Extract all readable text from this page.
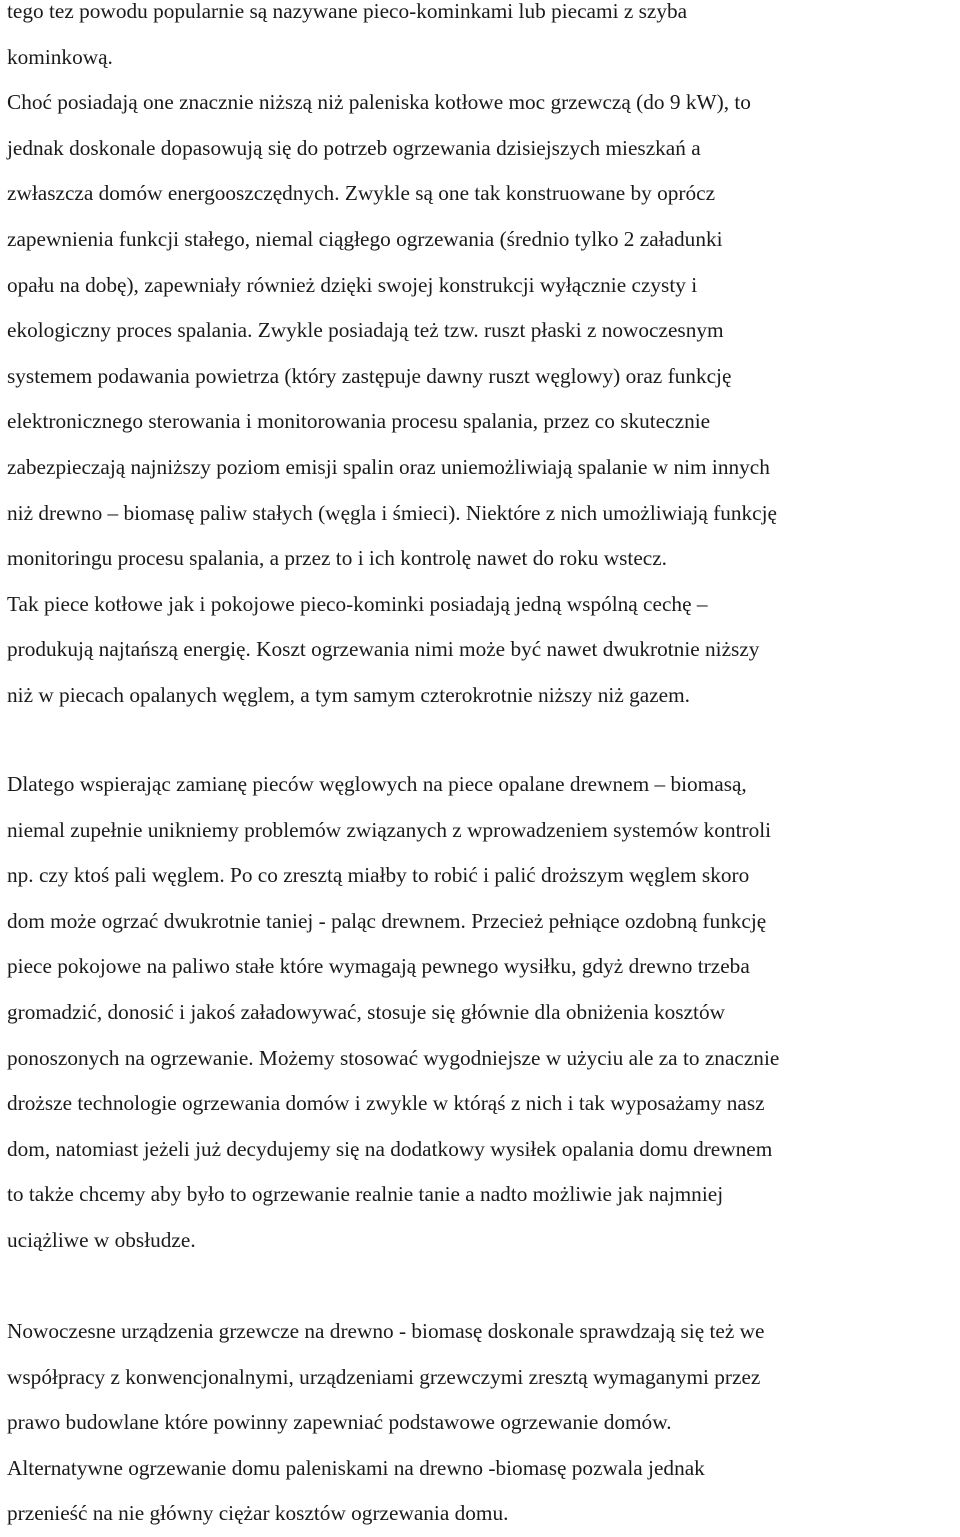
tego tez powodu popularnie są nazywane pieco-kominkami lub piecami z szyba

kominkową.

Choć posiadają one znacznie niższą niż paleniska kotłowe moc grzewczą (do 9 kW), to

jednak doskonale dopasowują się do potrzeb ogrzewania dzisiejszych mieszkań a

zwłaszcza domów energooszczędnych. Zwykle są one tak konstruowane by oprócz

zapewnienia funkcji stałego, niemal ciągłego ogrzewania (średnio tylko 2 załadunki

opału na dobę), zapewniały również dzięki swojej konstrukcji wyłącznie czysty i

ekologiczny proces spalania. Zwykle posiadają też tzw. ruszt płaski z nowoczesnym

systemem podawania powietrza (który zastępuje dawny ruszt węglowy) oraz funkcję

elektronicznego sterowania i monitorowania procesu spalania, przez co skutecznie

zabezpieczają najniższy poziom emisji spalin oraz uniemożliwiają spalanie w nim innych

niż drewno – biomasę paliw stałych (węgla i śmieci). Niektóre z nich umożliwiają funkcję

monitoringu procesu spalania, a przez to i ich kontrolę nawet do roku wstecz.

Tak piece kotłowe jak i pokojowe pieco-kominki posiadają jedną wspólną cechę –

produkują najtańszą energię. Koszt ogrzewania nimi może być nawet dwukrotnie niższy

niż w piecach opalanych węglem, a tym samym czterokrotnie niższy niż gazem.

Dlatego wspierając zamianę pieców węglowych na piece opalane drewnem – biomasą,

niemal zupełnie unikniemy problemów związanych z wprowadzeniem systemów kontroli

np. czy ktoś pali węglem. Po co zresztą miałby to robić i palić droższym węglem skoro

dom może ogrzać dwukrotnie taniej - paląc drewnem. Przecież pełniące ozdobną funkcję

piece pokojowe na paliwo stałe które wymagają pewnego wysiłku, gdyż drewno trzeba

gromadzić, donosić i jakoś załadowywać, stosuje się głównie dla obniżenia kosztów

ponoszonych na ogrzewanie. Możemy stosować wygodniejsze w użyciu ale za to znacznie

droższe technologie ogrzewania domów i zwykle w którąś z nich i tak wyposażamy nasz

dom, natomiast jeżeli już decydujemy się na dodatkowy wysiłek opalania domu drewnem

to także chcemy aby było to ogrzewanie realnie tanie a nadto możliwie jak najmniej

uciążliwe w obsłudze.

Nowoczesne urządzenia grzewcze na drewno - biomasę doskonale sprawdzają się też we

współpracy z konwencjonalnymi, urządzeniami grzewczymi zresztą wymaganymi przez

prawo budowlane które powinny zapewniać podstawowe ogrzewanie domów.

Alternatywne ogrzewanie domu paleniskami na drewno -biomasę pozwala jednak

przenieść na nie główny ciężar kosztów ogrzewania domu.
